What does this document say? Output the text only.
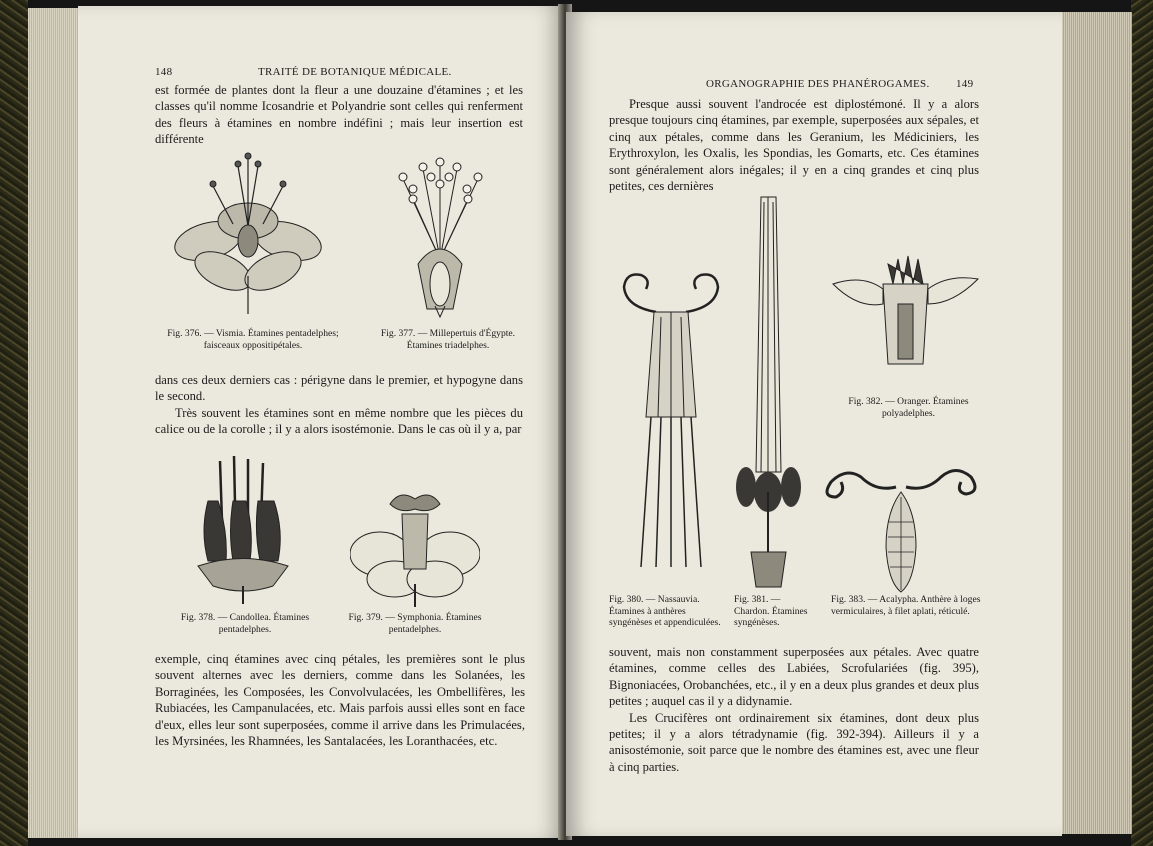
148	TRAITÉ DE BOTANIQUE MÉDICALE.

est formée de plantes dont la fleur a une douzaine d'étamines ; et les classes qu'il nomme Icosandrie et Polyandrie sont celles qui renferment des fleurs à étamines en nombre indéfini ; mais leur insertion est différente

Fig. 376. — Vismia. Étamines pentadelphes; faisceaux oppositipétales.
Fig. 377. — Millepertuis d'Égypte. Étamines triadelphes.

dans ces deux derniers cas : périgyne dans le premier, et hypogyne dans le second.

Très souvent les étamines sont en même nombre que les pièces du calice ou de la corolle ; il y a alors isostémonie. Dans le cas où il y a, par

Fig. 378. — Candollea. Étamines pentadelphes.
Fig. 379. — Symphonia. Étamines pentadelphes.

exemple, cinq étamines avec cinq pétales, les premières sont le plus souvent alternes avec les derniers, comme dans les Solanées, les Borraginées, les Composées, les Convolvulacées, les Ombellifères, les Rubiacées, les Campanulacées, etc. Mais parfois aussi elles sont en face d'eux, elles leur sont superposées, comme il arrive dans les Primulacées, les Myrsinées, les Rhamnées, les Santalacées, les Loranthacées, etc.

ORGANOGRAPHIE DES PHANÉROGAMES. 149

Presque aussi souvent l'androcée est diplostémoné. Il y a alors presque toujours cinq étamines, par exemple, superposées aux sépales, et cinq aux pétales, comme dans les Geranium, les Médiciniers, les Erythroxylon, les Oxalis, les Spondias, les Gomarts, etc. Ces étamines sont généralement alors inégales; il y en a cinq grandes et cinq plus petites, ces dernières

Fig. 382. — Oranger. Étamines polyadelphes.
Fig. 380. — Nassauvia. Étamines à anthères syngénèses et appendiculées.
Fig. 381. — Chardon. Étamines syngénèses.
Fig. 383. — Acalypha. Anthère à loges vermiculaires, à filet aplati, réticulé.

souvent, mais non constamment superposées aux pétales. Avec quatre étamines, comme celles des Labiées, Scrofulariées (fig. 395), Bignoniacées, Orobanchées, etc., il y en a deux plus grandes et deux plus petites ; auquel cas il y a didynamie.

Les Crucifères ont ordinairement six étamines, dont deux plus petites; il y a alors tétradynamie (fig. 392-394). Ailleurs il y a anisostémonie, soit parce que le nombre des étamines est, avec une fleur à cinq parties.
